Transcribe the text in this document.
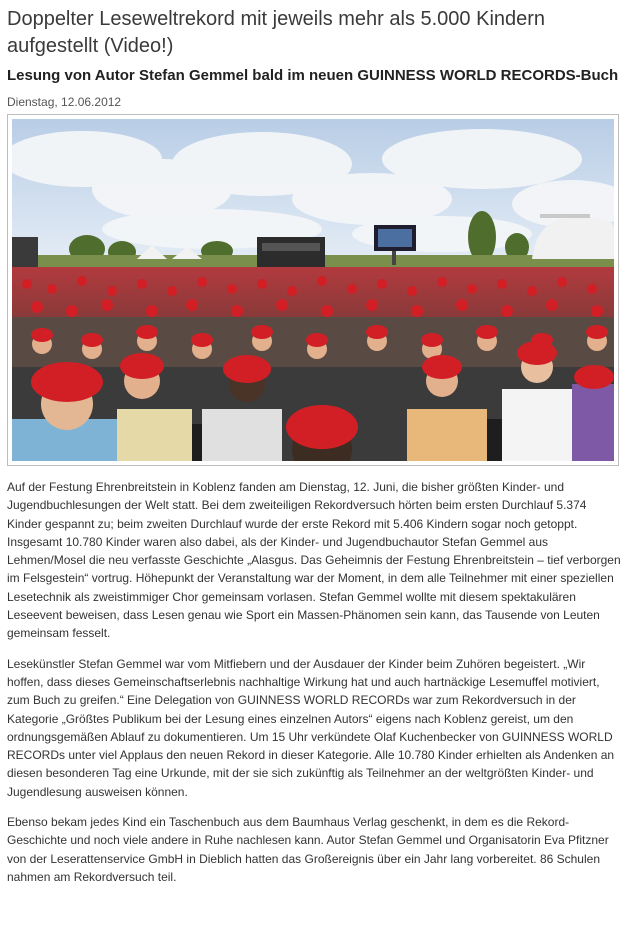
Doppelter Leseweltrekord mit jeweils mehr als 5.000 Kindern aufgestellt (Video!)
Lesung von Autor Stefan Gemmel bald im neuen GUINNESS WORLD RECORDS-Buch
Dienstag, 12.06.2012

Auf der Festung Ehrenbreitstein in Koblenz fanden am Dienstag, 12. Juni, die bisher größten Kinder- und Jugendbuchlesungen der Welt statt. Bei dem zweiteiligen Rekordversuch hörten beim ersten Durchlauf 5.374 Kinder gespannt zu; beim zweiten Durchlauf wurde der erste Rekord mit 5.406 Kindern sogar noch getoppt. Insgesamt 10.780 Kinder waren also dabei, als der Kinder- und Jugendbuchautor Stefan Gemmel aus Lehmen/Mosel die neu verfasste Geschichte „Alasgus. Das Geheimnis der Festung Ehrenbreitstein – tief verborgen im Felsgestein“ vortrug. Höhepunkt der Veranstaltung war der Moment, in dem alle Teilnehmer mit einer speziellen Lesetechnik als zweistimmiger Chor gemeinsam vorlasen. Stefan Gemmel wollte mit diesem spektakulären Leseevent beweisen, dass Lesen genau wie Sport ein Massen-Phänomen sein kann, das Tausende von Leuten gemeinsam fesselt.

Lesekünstler Stefan Gemmel war vom Mitfiebern und der Ausdauer der Kinder beim Zuhören begeistert. „Wir hoffen, dass dieses Gemeinschaftserlebnis nachhaltige Wirkung hat und auch hartnäckige Lesemuffel motiviert, zum Buch zu greifen.“ Eine Delegation von GUINNESS WORLD RECORDs war zum Rekordversuch in der Kategorie „Größtes Publikum bei der Lesung eines einzelnen Autors“ eigens nach Koblenz gereist, um den ordnungsgemäßen Ablauf zu dokumentieren. Um 15 Uhr verkündete Olaf Kuchenbecker von GUINNESS WORLD RECORDs unter viel Applaus den neuen Rekord in dieser Kategorie. Alle 10.780 Kinder erhielten als Andenken an diesen besonderen Tag eine Urkunde, mit der sie sich zukünftig als Teilnehmer an der weltgrößten Kinder- und Jugendlesung ausweisen können.

Ebenso bekam jedes Kind ein Taschenbuch aus dem Baumhaus Verlag geschenkt, in dem es die Rekord-Geschichte und noch viele andere in Ruhe nachlesen kann. Autor Stefan Gemmel und Organisatorin Eva Pfitzner von der Leserattenservice GmbH in Dieblich hatten das Großereignis über ein Jahr lang vorbereitet. 86 Schulen nahmen am Rekordversuch teil.
